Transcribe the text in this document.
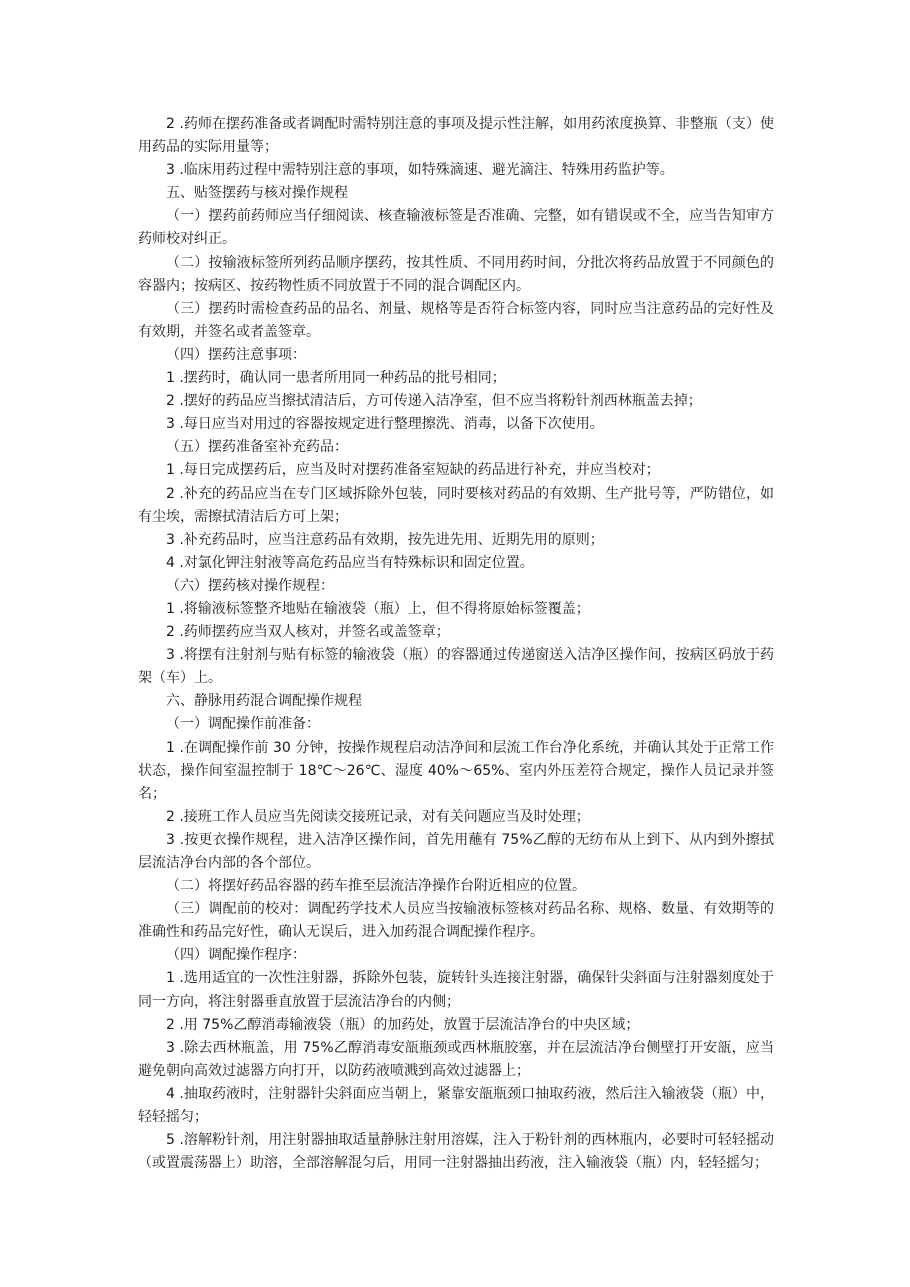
2 .药师在摆药准备或者调配时需特别注意的事项及提示性注解，如用药浓度换算、非整瓶（支）使用药品的实际用量等；

3 .临床用药过程中需特别注意的事项，如特殊滴速、避光滴注、特殊用药监护等。

五、贴签摆药与核对操作规程

（一）摆药前药师应当仔细阅读、核查输液标签是否准确、完整，如有错误或不全，应当告知审方药师校对纠正。

（二）按输液标签所列药品顺序摆药，按其性质、不同用药时间，分批次将药品放置于不同颜色的容器内；按病区、按药物性质不同放置于不同的混合调配区内。

（三）摆药时需检查药品的品名、剂量、规格等是否符合标签内容，同时应当注意药品的完好性及有效期，并签名或者盖签章。

（四）摆药注意事项：

1 .摆药时，确认同一患者所用同一种药品的批号相同；

2 .摆好的药品应当擦拭清洁后，方可传递入洁净室，但不应当将粉针剂西林瓶盖去掉；

3 .每日应当对用过的容器按规定进行整理擦洗、消毒，以备下次使用。

（五）摆药准备室补充药品：

1 .每日完成摆药后，应当及时对摆药准备室短缺的药品进行补充，并应当校对；

2 .补充的药品应当在专门区域拆除外包装，同时要核对药品的有效期、生产批号等，严防错位，如有尘埃，需擦拭清洁后方可上架；

3 .补充药品时，应当注意药品有效期，按先进先用、近期先用的原则；

4 .对氯化钾注射液等高危药品应当有特殊标识和固定位置。

（六）摆药核对操作规程：

1 .将输液标签整齐地贴在输液袋（瓶）上，但不得将原始标签覆盖；

2 .药师摆药应当双人核对，并签名或盖签章；

3 .将摆有注射剂与贴有标签的输液袋（瓶）的容器通过传递窗送入洁净区操作间，按病区码放于药架（车）上。

六、静脉用药混合调配操作规程

（一）调配操作前准备：

1 .在调配操作前 30 分钟，按操作规程启动洁净间和层流工作台净化系统，并确认其处于正常工作状态，操作间室温控制于 18℃～26℃、湿度 40%～65%、室内外压差符合规定，操作人员记录并签名；

2 .接班工作人员应当先阅读交接班记录，对有关问题应当及时处理；

3 .按更衣操作规程，进入洁净区操作间，首先用蘸有 75%乙醇的无纺布从上到下、从内到外擦拭层流洁净台内部的各个部位。

（二）将摆好药品容器的药车推至层流洁净操作台附近相应的位置。

（三）调配前的校对：调配药学技术人员应当按输液标签核对药品名称、规格、数量、有效期等的准确性和药品完好性，确认无误后，进入加药混合调配操作程序。

（四）调配操作程序：

1 .选用适宜的一次性注射器，拆除外包装，旋转针头连接注射器，确保针尖斜面与注射器刻度处于同一方向，将注射器垂直放置于层流洁净台的内侧；

2 .用 75%乙醇消毒输液袋（瓶）的加药处，放置于层流洁净台的中央区域；

3 .除去西林瓶盖，用 75%乙醇消毒安瓿瓶颈或西林瓶胶塞，并在层流洁净台侧壁打开安瓿，应当避免朝向高效过滤器方向打开，以防药液喷溅到高效过滤器上；

4 .抽取药液时，注射器针尖斜面应当朝上，紧靠安瓿瓶颈口抽取药液，然后注入输液袋（瓶）中，轻轻摇匀；

5 .溶解粉针剂，用注射器抽取适量静脉注射用溶媒，注入于粉针剂的西林瓶内，必要时可轻轻摇动（或置震荡器上）助溶，全部溶解混匀后，用同一注射器抽出药液，注入输液袋（瓶）内，轻轻摇匀；
